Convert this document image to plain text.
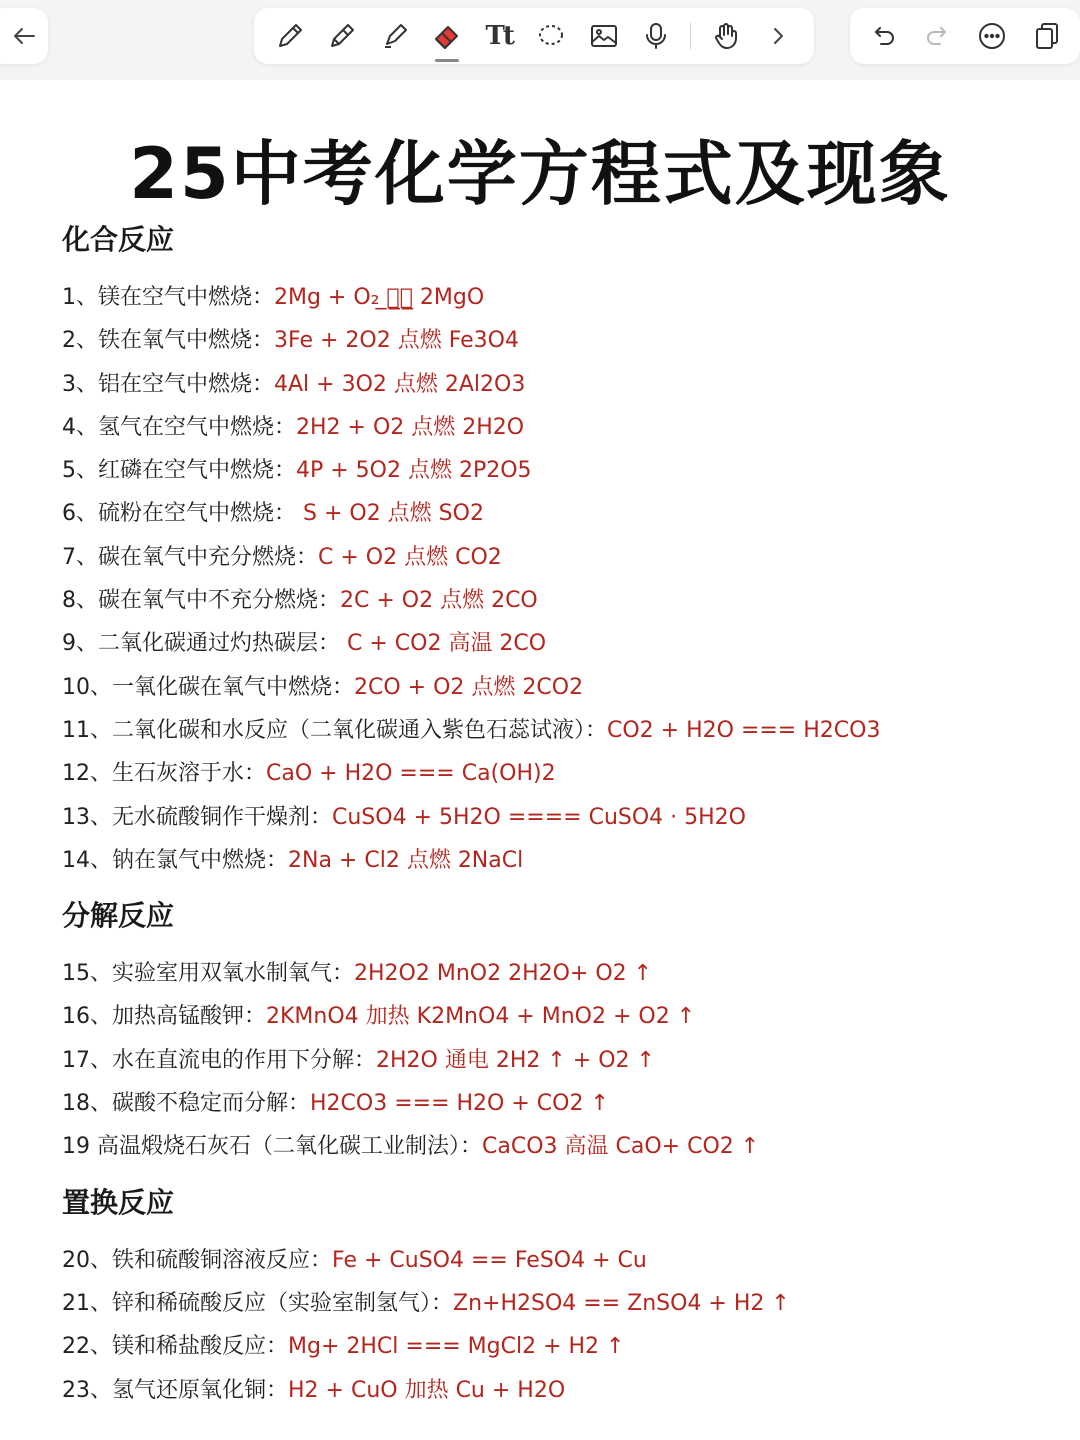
Tt
25中考化学方程式及现象
化合反应
1、镁在空气中燃烧：2Mg + O₂ ̲点̲燃̲ 2MgO
2、铁在氧气中燃烧：3Fe + 2O2 点燃 Fe3O4
3、铝在空气中燃烧：4Al + 3O2 点燃 2Al2O3
4、氢气在空气中燃烧：2H2 + O2 点燃 2H2O
5、红磷在空气中燃烧：4P + 5O2 点燃 2P2O5
6、硫粉在空气中燃烧： S + O2 点燃 SO2
7、碳在氧气中充分燃烧：C + O2 点燃 CO2
8、碳在氧气中不充分燃烧：2C + O2 点燃 2CO
9、二氧化碳通过灼热碳层： C + CO2 高温 2CO
10、一氧化碳在氧气中燃烧：2CO + O2 点燃 2CO2
11、二氧化碳和水反应（二氧化碳通入紫色石蕊试液）：CO2 + H2O === H2CO3
12、生石灰溶于水：CaO + H2O === Ca(OH)2
13、无水硫酸铜作干燥剂：CuSO4 + 5H2O ==== CuSO4 · 5H2O
14、钠在氯气中燃烧：2Na + Cl2 点燃 2NaCl
分解反应
15、实验室用双氧水制氧气：2H2O2 MnO2 2H2O+ O2 ↑
16、加热高锰酸钾：2KMnO4 加热 K2MnO4 + MnO2 + O2 ↑
17、水在直流电的作用下分解：2H2O 通电 2H2 ↑ + O2 ↑
18、碳酸不稳定而分解：H2CO3 === H2O + CO2 ↑
19 高温煅烧石灰石（二氧化碳工业制法）：CaCO3 高温 CaO+ CO2 ↑
置换反应
20、铁和硫酸铜溶液反应：Fe + CuSO4 == FeSO4 + Cu
21、锌和稀硫酸反应（实验室制氢气）：Zn+H2SO4 == ZnSO4 + H2 ↑
22、镁和稀盐酸反应：Mg+ 2HCl === MgCl2 + H2 ↑
23、氢气还原氧化铜：H2 + CuO 加热 Cu + H2O
